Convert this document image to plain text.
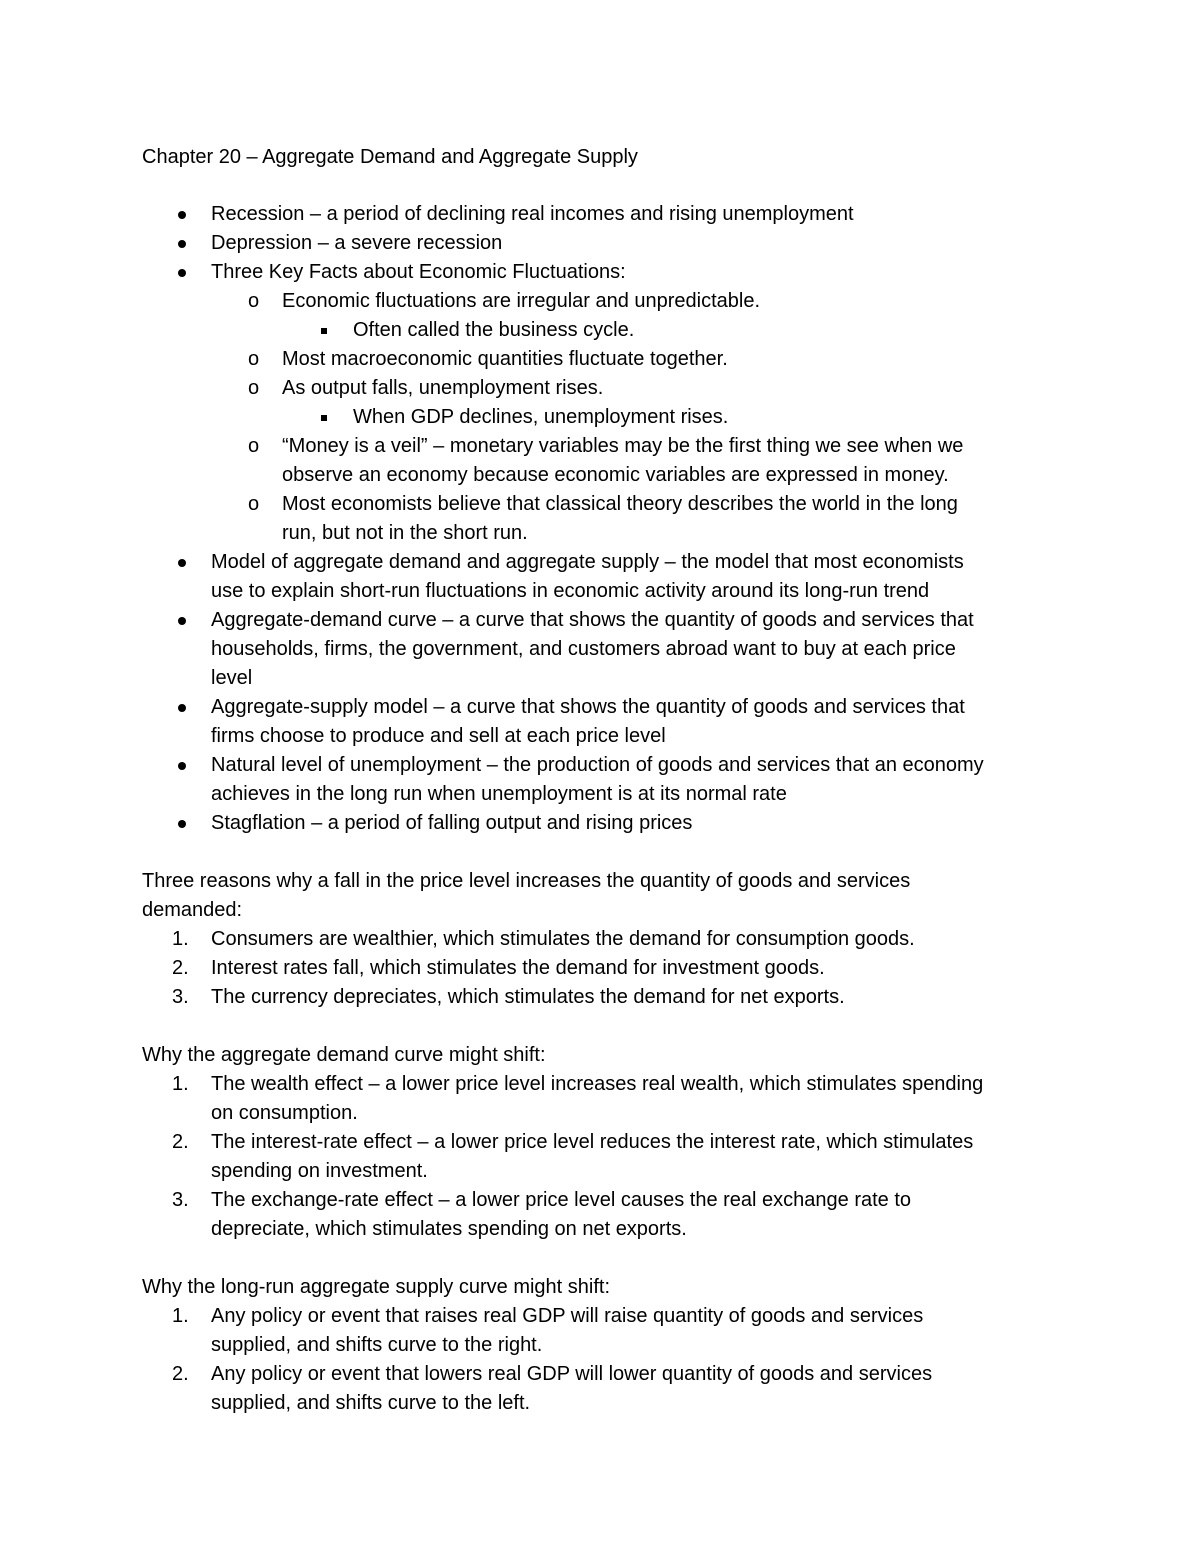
Chapter 20 – Aggregate Demand and Aggregate Supply
Recession – a period of declining real incomes and rising unemployment
Depression – a severe recession
Three Key Facts about Economic Fluctuations:
o Economic fluctuations are irregular and unpredictable.
Often called the business cycle.
o Most macroeconomic quantities fluctuate together.
o As output falls, unemployment rises.
When GDP declines, unemployment rises.
o “Money is a veil” – monetary variables may be the first thing we see when we
observe an economy because economic variables are expressed in money.
o Most economists believe that classical theory describes the world in the long
run, but not in the short run.
Model of aggregate demand and aggregate supply – the model that most economists
use to explain short-run fluctuations in economic activity around its long-run trend
Aggregate-demand curve – a curve that shows the quantity of goods and services that
households, firms, the government, and customers abroad want to buy at each price
level
Aggregate-supply model – a curve that shows the quantity of goods and services that
firms choose to produce and sell at each price level
Natural level of unemployment – the production of goods and services that an economy
achieves in the long run when unemployment is at its normal rate
Stagflation – a period of falling output and rising prices
Three reasons why a fall in the price level increases the quantity of goods and services
demanded:
1. Consumers are wealthier, which stimulates the demand for consumption goods.
2. Interest rates fall, which stimulates the demand for investment goods.
3. The currency depreciates, which stimulates the demand for net exports.
Why the aggregate demand curve might shift:
1. The wealth effect – a lower price level increases real wealth, which stimulates spending
on consumption.
2. The interest-rate effect – a lower price level reduces the interest rate, which stimulates
spending on investment.
3. The exchange-rate effect – a lower price level causes the real exchange rate to
depreciate, which stimulates spending on net exports.
Why the long-run aggregate supply curve might shift:
1. Any policy or event that raises real GDP will raise quantity of goods and services
supplied, and shifts curve to the right.
2. Any policy or event that lowers real GDP will lower quantity of goods and services
supplied, and shifts curve to the left.
